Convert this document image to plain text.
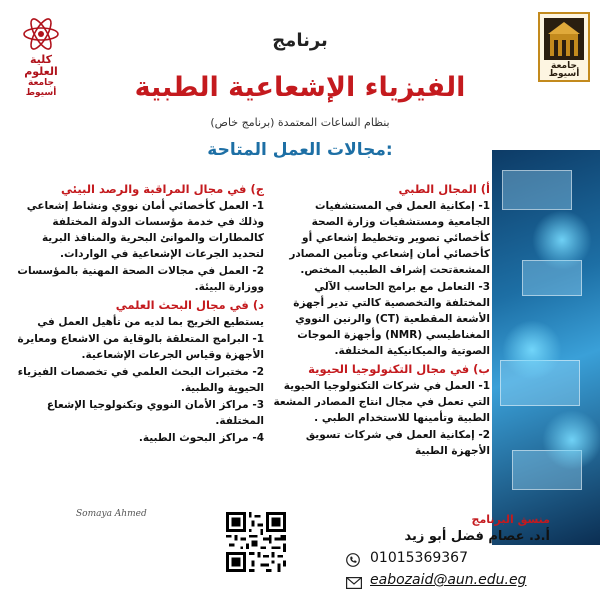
كلية العلوم
جامعة أسيوط
جامعة أسيوط
برنامج
الفيزياء الإشعاعية الطبية
بنظام الساعات المعتمدة (برنامج خاص)
مجالات العمل المتاحة:
أ) المجال الطبي
1- إمكانية العمل في المستشفيات الجامعية ومستشفيات وزارة الصحة كأخصائي تصوير وتخطيط إشعاعي أو كأخصائي أمان إشعاعي وتأمين المصادر المشعةتحت إشراف الطبيب المختص.
3- التعامل مع برامج الحاسب الآلي المختلفة والتخصصية كالتي تدير أجهزة الأشعة المقطعية (CT) والرنين النووي المغناطيسي (NMR) وأجهزة الموجات الصوتية والميكانيكية المختلفة.
ب) في مجال التكنولوجيا الحيوية
1- العمل في شركات التكنولوجيا الحيوية التي تعمل في مجال انتاج المصادر المشعة الطبية وتأمينها للاستخدام الطبي .
2- إمكانية العمل في شركات تسويق الأجهزة الطبية
ج) في مجال المراقبة والرصد البيئي
1- العمل كأخصائي أمان نووي ونشاط إشعاعي وذلك في خدمة مؤسسات الدولة المختلفة كالمطارات والموانئ البحرية والمنافذ البرية لتحديد الجرعات الإشعاعية في الواردات.
2- العمل في مجالات الصحة المهنية بالمؤسسات ووزارة البيئة.
د) في مجال البحث العلمي
يستطيع الخريج بما لديه من تأهيل العمل في
1- البرامج المتعلقة بالوقاية من الاشعاع ومعايرة الأجهزة وقياس الجرعات الإشعاعية.
2- مختبرات البحث العلمي في تخصصات الفيزياء الحيوية والطبية.
3- مراكز الأمان النووي وتكنولوجيا الإشعاع المختلفة.
4- مراكز البحوث الطبية.
Somaya Ahmed	منسق البرنامج
أ.د. عصام فضل أبو زيد
01015369367
eabozaid@aun.edu.eg
